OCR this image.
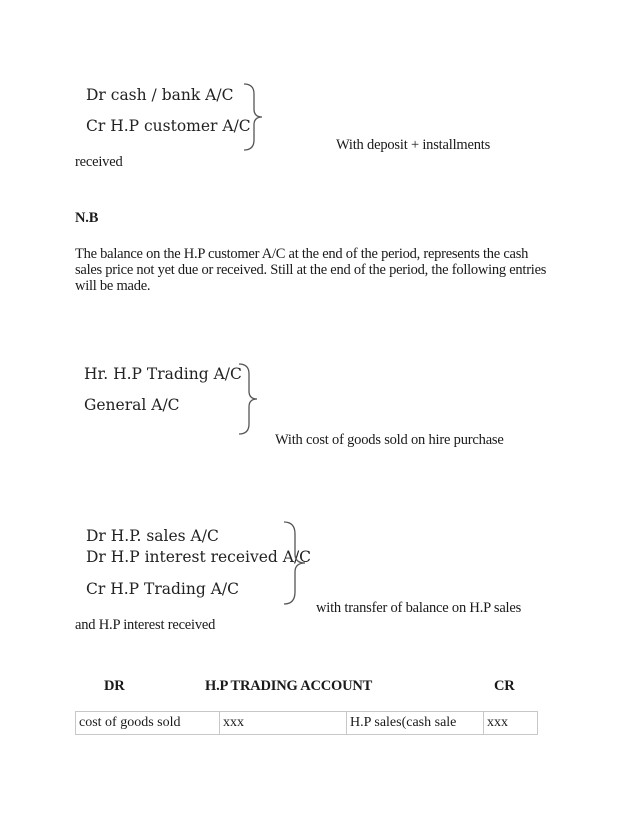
Dr cash / bank A/C
Cr H.P customer A/C
With deposit + installments
received
N.B
The balance on the H.P customer A/C at the end of the period, represents the cash sales price not yet due or received. Still at the end of the period, the following entries will be made.
Hr. H.P Trading A/C
General A/C
With cost of goods sold on hire purchase
Dr H.P. sales A/C
Dr H.P interest received A/C
Cr H.P Trading A/C
with transfer of balance on H.P sales
and H.P interest received
DR	H.P TRADING ACCOUNT	CR
cost of goods sold	xxx	H.P sales(cash sale	xxx
